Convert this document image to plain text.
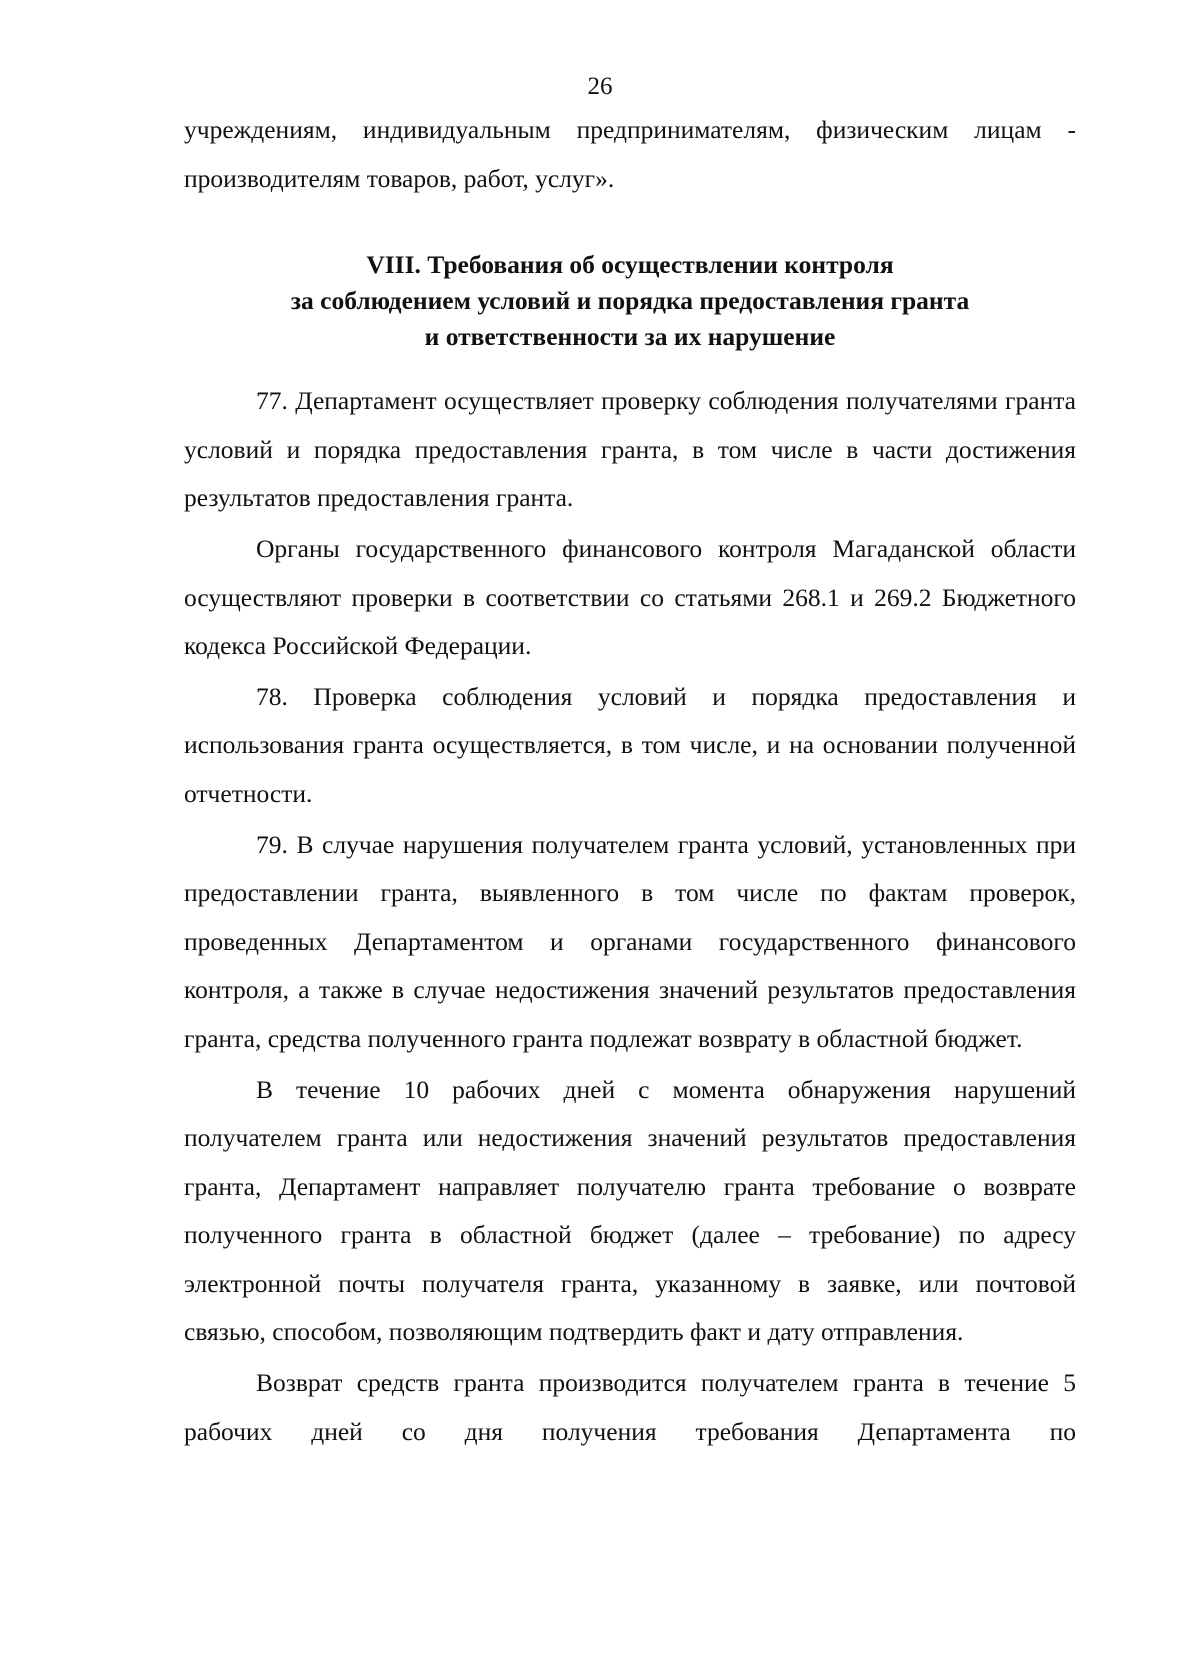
26

учреждениям, индивидуальным предпринимателям, физическим лицам - производителям товаров, работ, услуг».

VIII. Требования об осуществлении контроля
за соблюдением условий и порядка предоставления гранта
и ответственности за их нарушение

77. Департамент осуществляет проверку соблюдения получателями гранта условий и порядка предоставления гранта, в том числе в части достижения результатов предоставления гранта.

Органы государственного финансового контроля Магаданской области осуществляют проверки в соответствии со статьями 268.1 и 269.2 Бюджетного кодекса Российской Федерации.

78. Проверка соблюдения условий и порядка предоставления и использования гранта осуществляется, в том числе, и на основании полученной отчетности.

79. В случае нарушения получателем гранта условий, установленных при предоставлении гранта, выявленного в том числе по фактам проверок, проведенных Департаментом и органами государственного финансового контроля, а также в случае недостижения значений результатов предоставления гранта, средства полученного гранта подлежат возврату в областной бюджет.

В течение 10 рабочих дней с момента обнаружения нарушений получателем гранта или недостижения значений результатов предоставления гранта, Департамент направляет получателю гранта требование о возврате полученного гранта в областной бюджет (далее – требование) по адресу электронной почты получателя гранта, указанному в заявке, или почтовой связью, способом, позволяющим подтвердить факт и дату отправления.

Возврат средств гранта производится получателем гранта в течение 5 рабочих дней со дня получения требования Департамента по
